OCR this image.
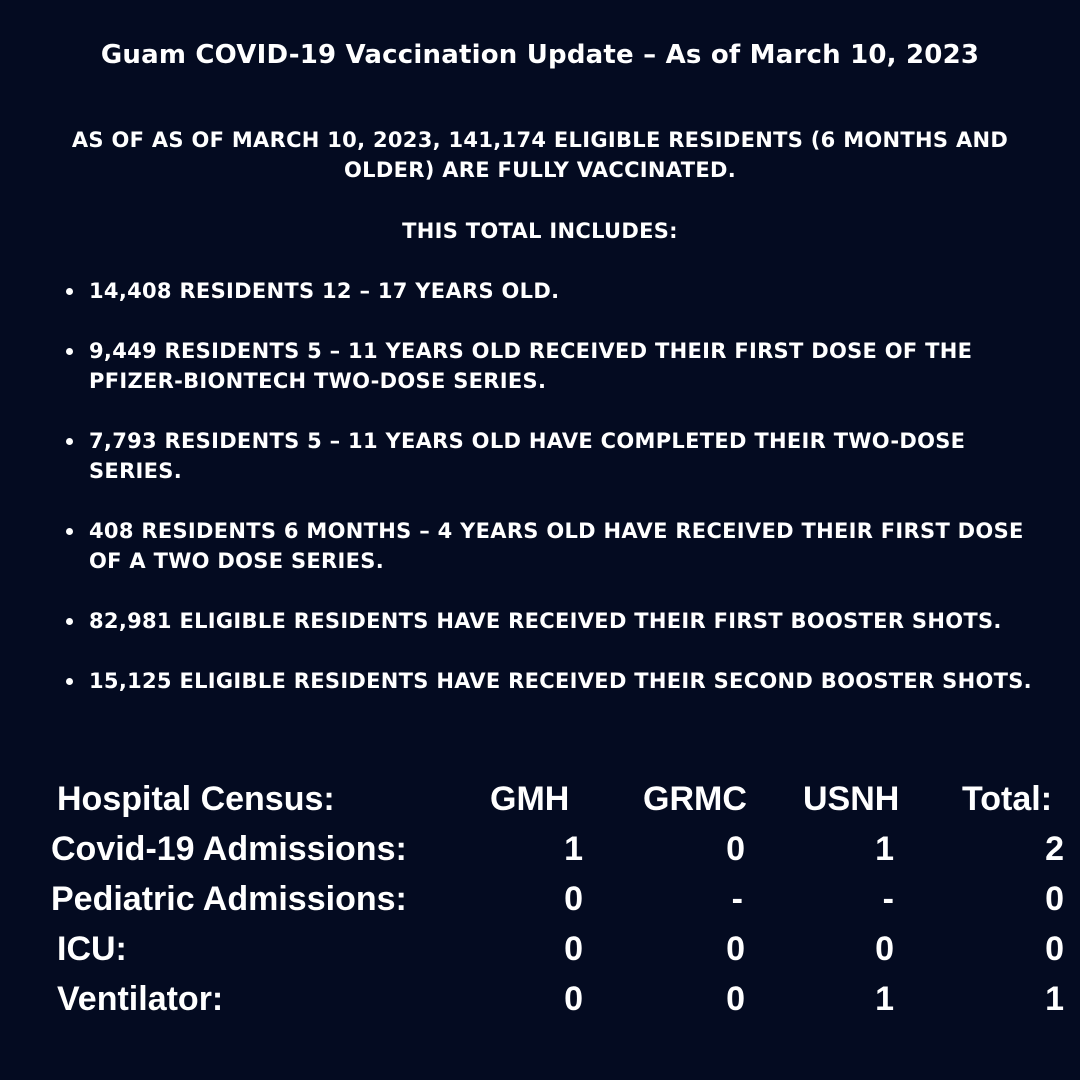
Guam COVID-19 Vaccination Update – As of March 10, 2023
AS OF AS OF MARCH 10, 2023, 141,174 ELIGIBLE RESIDENTS (6 MONTHS AND OLDER) ARE FULLY VACCINATED.
THIS TOTAL INCLUDES:
14,408 RESIDENTS 12 – 17 YEARS OLD.
9,449 RESIDENTS 5 – 11 YEARS OLD RECEIVED THEIR FIRST DOSE OF THE PFIZER-BIONTECH TWO-DOSE SERIES.
7,793 RESIDENTS 5 – 11 YEARS OLD HAVE COMPLETED THEIR TWO-DOSE SERIES.
408 RESIDENTS 6 MONTHS – 4 YEARS OLD HAVE RECEIVED THEIR FIRST DOSE OF A TWO DOSE SERIES.
82,981 ELIGIBLE RESIDENTS HAVE RECEIVED THEIR FIRST BOOSTER SHOTS.
15,125 ELIGIBLE RESIDENTS HAVE RECEIVED THEIR SECOND BOOSTER SHOTS.
Hospital Census:	GMH GRMC USNH Total:
Covid-19 Admissions:	1	0	1	2
Pediatric Admissions:	0	-	-	0
ICU:	0	0	0	0
Ventilator:	0	0	1	1
